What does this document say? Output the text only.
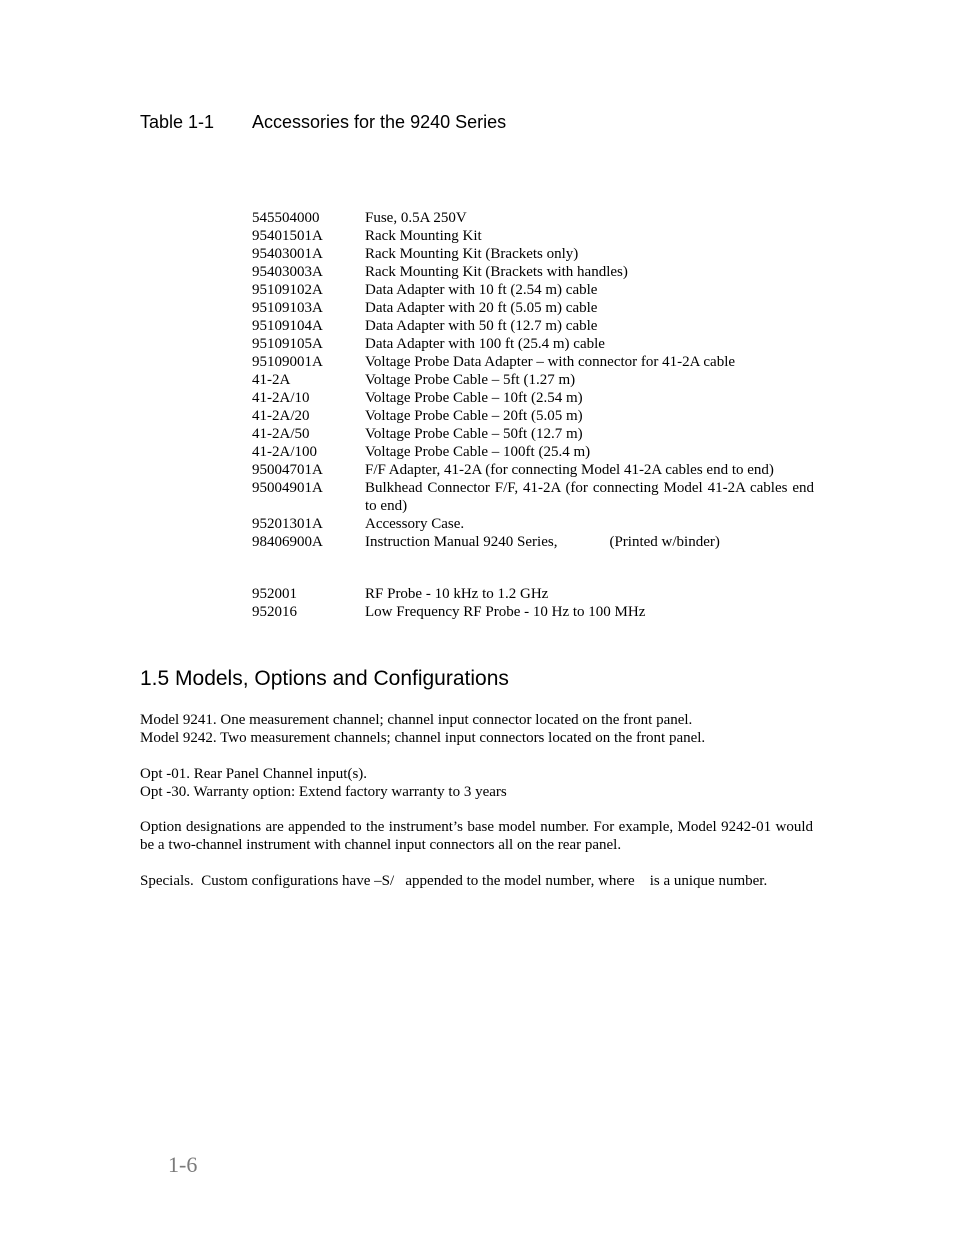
Table 1-1 Accessories for the 9240 Series
545504000	Fuse, 0.5A 250V
95401501A	Rack Mounting Kit
95403001A	Rack Mounting Kit (Brackets only)
95403003A	Rack Mounting Kit (Brackets with handles)
95109102A	Data Adapter with 10 ft (2.54 m) cable
95109103A	Data Adapter with 20 ft (5.05 m) cable
95109104A	Data Adapter with 50 ft (12.7 m) cable
95109105A	Data Adapter with 100 ft (25.4 m) cable
95109001A	Voltage Probe Data Adapter – with connector for 41-2A cable
41-2A	Voltage Probe Cable – 5ft (1.27 m)
41-2A/10	Voltage Probe Cable – 10ft (2.54 m)
41-2A/20	Voltage Probe Cable – 20ft (5.05 m)
41-2A/50	Voltage Probe Cable – 50ft (12.7 m)
41-2A/100	Voltage Probe Cable – 100ft (25.4 m)
95004701A	F/F Adapter, 41-2A (for connecting Model 41-2A cables end to end)
95004901A	Bulkhead Connector F/F, 41-2A (for connecting Model 41-2A cables end to end)
95201301A	Accessory Case.
98406900A	Instruction Manual 9240 Series,	(Printed w/binder)
952001	RF Probe - 10 kHz to 1.2 GHz
952016	Low Frequency RF Probe - 10 Hz to 100 MHz
1.5 Models, Options and Configurations
Model 9241. One measurement channel; channel input connector located on the front panel.
Model 9242. Two measurement channels; channel input connectors located on the front panel.
Opt -01. Rear Panel Channel input(s).
Opt -30. Warranty option: Extend factory warranty to 3 years

Option designations are appended to the instrument’s base model number. For example, Model 9242-01 would be a two-channel instrument with channel input connectors all on the rear panel.

Specials.  Custom configurations have –S/   appended to the model number, where    is a unique number.

1-6
